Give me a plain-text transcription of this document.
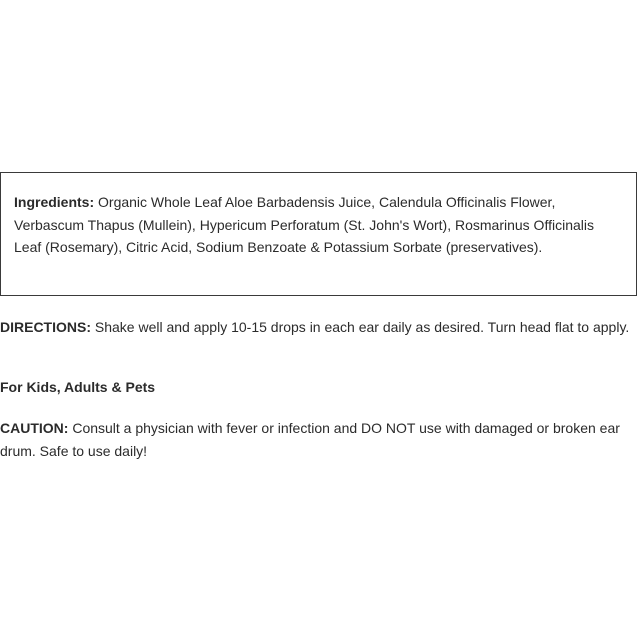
Ingredients: Organic Whole Leaf Aloe Barbadensis Juice, Calendula Officinalis Flower, Verbascum Thapus (Mullein), Hypericum Perforatum (St. John's Wort), Rosmarinus Officinalis Leaf (Rosemary), Citric Acid, Sodium Benzoate & Potassium Sorbate (preservatives).

DIRECTIONS: Shake well and apply 10-15 drops in each ear daily as desired. Turn head flat to apply.

For Kids, Adults & Pets

CAUTION: Consult a physician with fever or infection and DO NOT use with damaged or broken ear drum. Safe to use daily!
